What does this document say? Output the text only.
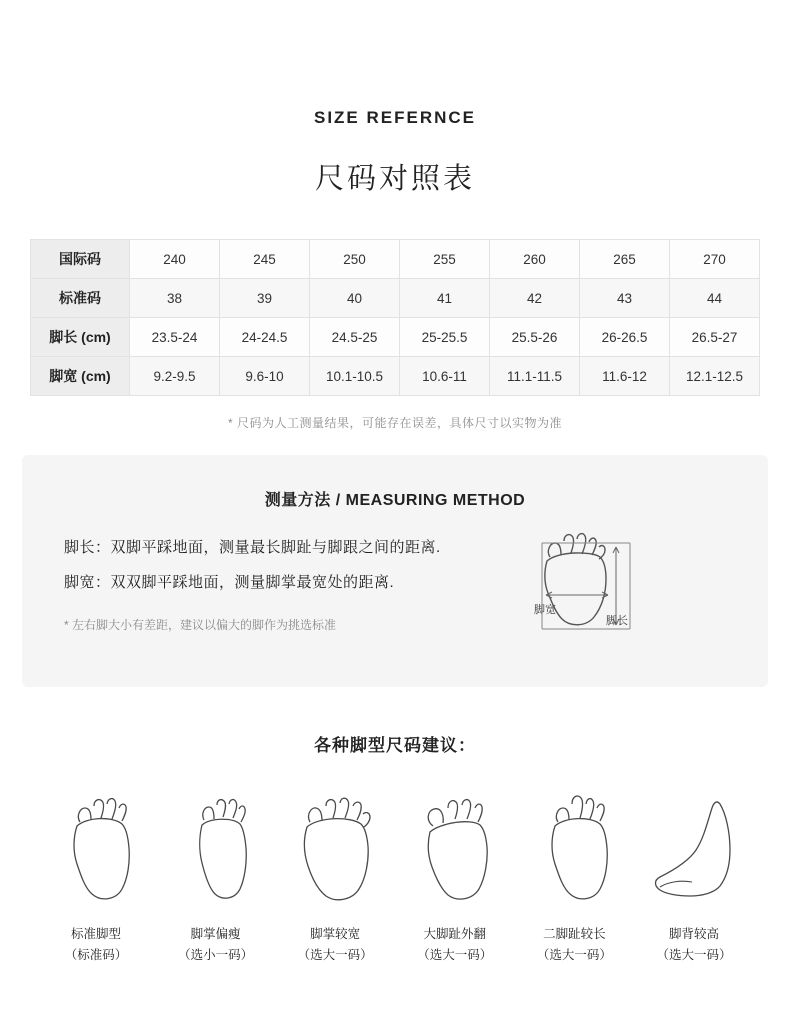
SIZE REFERNCE
尺码对照表
国际码	240	245	250	255	260	265	270
标准码	38	39	40	41	42	43	44
脚长 (cm)	23.5-24	24-24.5	24.5-25	25-25.5	25.5-26	26-26.5	26.5-27
脚宽 (cm)	9.2-9.5	9.6-10	10.1-10.5	10.6-11	11.1-11.5	11.6-12	12.1-12.5
* 尺码为人工测量结果，可能存在误差，具体尺寸以实物为准
测量方法 / MEASURING METHOD
脚长：双脚平踩地面，测量最长脚趾与脚跟之间的距离.
脚宽：双双脚平踩地面，测量脚掌最宽处的距离.
* 左右脚大小有差距，建议以偏大的脚作为挑选标准
脚宽
脚长
各种脚型尺码建议：
标准脚型
（标准码）
脚掌偏瘦
（选小一码）
脚掌较宽
（选大一码）
大脚趾外翻
（选大一码）
二脚趾较长
（选大一码）
脚背较高
（选大一码）
